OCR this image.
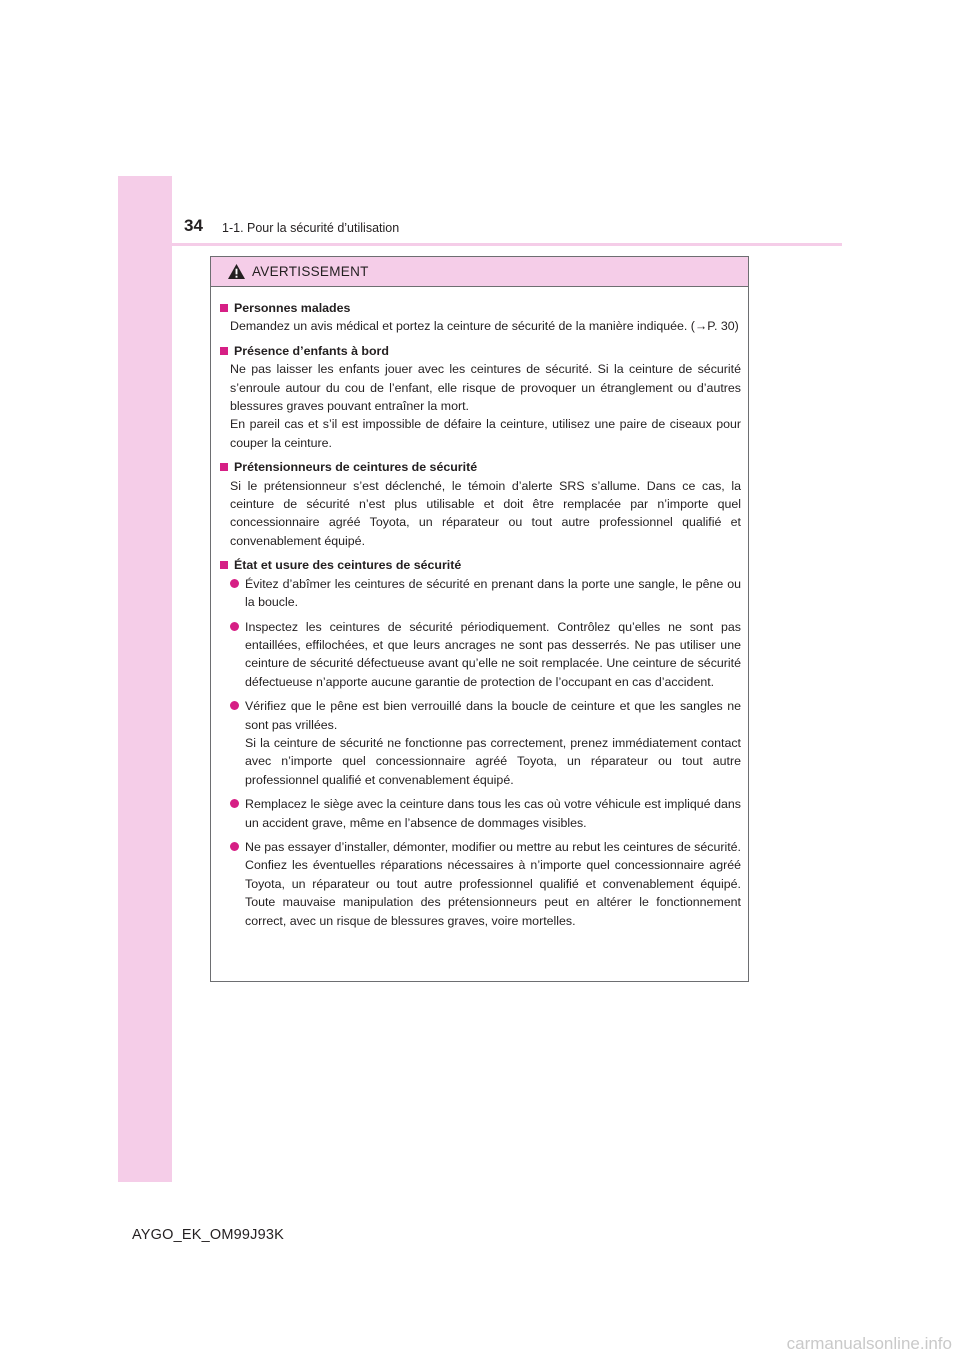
34 1-1. Pour la sécurité d’utilisation
AVERTISSEMENT
Personnes malades
Demandez un avis médical et portez la ceinture de sécurité de la manière indiquée. (→P. 30)
Présence d’enfants à bord
Ne pas laisser les enfants jouer avec les ceintures de sécurité. Si la ceinture de sécurité s’enroule autour du cou de l’enfant, elle risque de provoquer un étranglement ou d’autres blessures graves pouvant entraîner la mort.
En pareil cas et s’il est impossible de défaire la ceinture, utilisez une paire de ciseaux pour couper la ceinture.
Prétensionneurs de ceintures de sécurité
Si le prétensionneur s’est déclenché, le témoin d’alerte SRS s’allume. Dans ce cas, la ceinture de sécurité n’est plus utilisable et doit être remplacée par n’importe quel concessionnaire agréé Toyota, un réparateur ou tout autre professionnel qualifié et convenablement équipé.
État et usure des ceintures de sécurité
Évitez d’abîmer les ceintures de sécurité en prenant dans la porte une sangle, le pêne ou la boucle.
Inspectez les ceintures de sécurité périodiquement. Contrôlez qu’elles ne sont pas entaillées, effilochées, et que leurs ancrages ne sont pas desserrés. Ne pas utiliser une ceinture de sécurité défectueuse avant qu’elle ne soit remplacée. Une ceinture de sécurité défectueuse n’apporte aucune garantie de protection de l’occupant en cas d’accident.
Vérifiez que le pêne est bien verrouillé dans la boucle de ceinture et que les sangles ne sont pas vrillées.
Si la ceinture de sécurité ne fonctionne pas correctement, prenez immédiatement contact avec n’importe quel concessionnaire agréé Toyota, un réparateur ou tout autre professionnel qualifié et convenablement équipé.
Remplacez le siège avec la ceinture dans tous les cas où votre véhicule est impliqué dans un accident grave, même en l’absence de dommages visibles.
Ne pas essayer d’installer, démonter, modifier ou mettre au rebut les ceintures de sécurité. Confiez les éventuelles réparations nécessaires à n’importe quel concessionnaire agréé Toyota, un réparateur ou tout autre professionnel qualifié et convenablement équipé. Toute mauvaise manipulation des prétensionneurs peut en altérer le fonctionnement correct, avec un risque de blessures graves, voire mortelles.
AYGO_EK_OM99J93K
carmanualsonline.info
